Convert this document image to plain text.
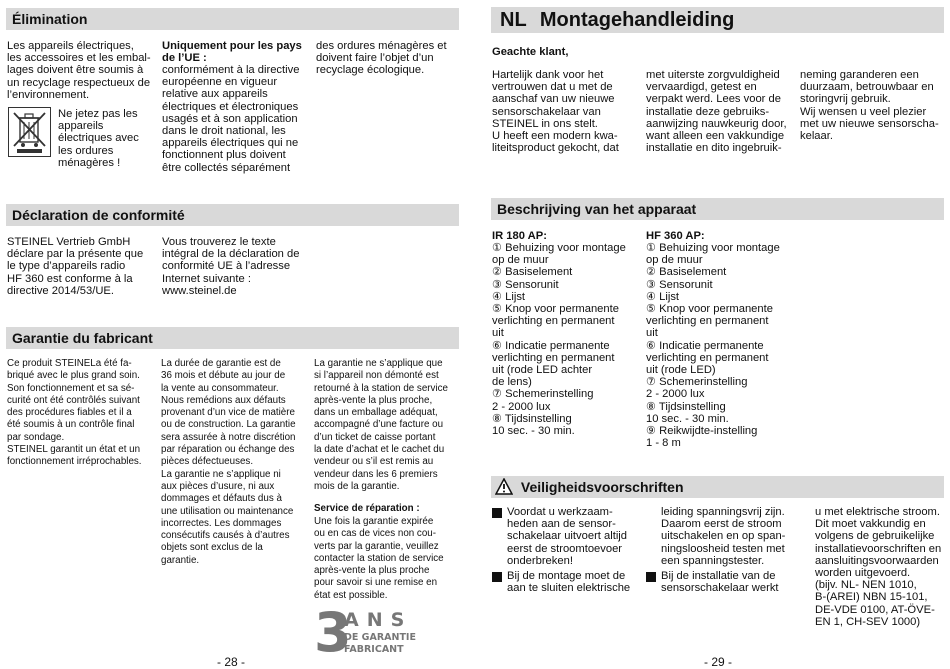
Élimination
Les appareils électriques,
les accessoires et les embal-
lages doivent être soumis à
un recyclage respectueux de
l’environnement.
Ne jetez pas les
appareils
électriques avec
les ordures
ménagères !
Uniquement pour les pays
de l’UE :
conformément à la directive
européenne en vigueur
relative aux appareils
électriques et électroniques
usagés et à son application
dans le droit national, les
appareils électriques qui ne
fonctionnent plus doivent
être collectés séparément
des ordures ménagères et
doivent faire l’objet d’un
recyclage écologique.
Déclaration de conformité
STEINEL Vertrieb GmbH
déclare par la présente que
le type d’appareils radio
HF 360 est conforme à la
directive 2014/53/UE.
Vous trouverez le texte
intégral de la déclaration de
conformité UE à l’adresse
Internet suivante :
www.steinel.de
Garantie du fabricant
Ce produit STEINELa été fa-
briqué avec le plus grand soin.
Son fonctionnement et sa sé-
curité ont été contrôlés suivant
des procédures fiables et il a
été soumis à un contrôle final
par sondage.
STEINEL garantit un état et un
fonctionnement irréprochables.
La durée de garantie est de
36 mois et débute au jour de
la vente au consommateur.
Nous remédions aux défauts
provenant d’un vice de matière
ou de construction. La garantie
sera assurée à notre discrétion
par réparation ou échange des
pièces défectueuses.
La garantie ne s’applique ni
aux pièces d’usure, ni aux
dommages et défauts dus à
une utilisation ou maintenance
incorrectes. Les dommages
consécutifs causés à d’autres
objets sont exclus de la
garantie.
La garantie ne s’applique que
si l’appareil non démonté est
retourné à la station de service
après-vente la plus proche,
dans un emballage adéquat,
accompagné d’une facture ou
d’un ticket de caisse portant
la date d’achat et le cachet du
vendeur ou s’il est remis au
vendeur dans les 6 premiers
mois de la garantie.
Service de réparation :
Une fois la garantie expirée
ou en cas de vices non cou-
verts par la garantie, veuillez
contacter la station de service
après-vente la plus proche
pour savoir si une remise en
état est possible.
3
ANS
DE GARANTIE
FABRICANT
- 28 -
NL Montagehandleiding
Geachte klant,
Hartelijk dank voor het
vertrouwen dat u met de
aanschaf van uw nieuwe
sensorschakelaar van
STEINEL in ons stelt.
U heeft een modern kwa-
liteitsproduct gekocht, dat
met uiterste zorgvuldigheid
vervaardigd, getest en
verpakt werd. Lees voor de
installatie deze gebruiks-
aanwijzing nauwkeurig door,
want alleen een vakkundige
installatie en dito ingebruik-
neming garanderen een
duurzaam, betrouwbaar en
storingvrij gebruik.
Wij wensen u veel plezier
met uw nieuwe sensorscha-
kelaar.
Beschrijving van het apparaat
IR 180 AP:
① Behuizing voor montage
op de muur
② Basiselement
③ Sensorunit
④ Lijst
⑤ Knop voor permanente
verlichting en permanent
uit
⑥ Indicatie permanente
verlichting en permanent
uit (rode LED achter
de lens)
⑦ Schemerinstelling
2 - 2000 lux
⑧ Tijdsinstelling
10 sec. - 30 min.
HF 360 AP:
① Behuizing voor montage
op de muur
② Basiselement
③ Sensorunit
④ Lijst
⑤ Knop voor permanente
verlichting en permanent
uit
⑥ Indicatie permanente
verlichting en permanent
uit (rode LED)
⑦ Schemerinstelling
2 - 2000 lux
⑧ Tijdsinstelling
10 sec. - 30 min.
⑨ Reikwijdte-instelling
1 - 8 m
Veiligheidsvoorschriften
Voordat u werkzaam-
heden aan de sensor-
schakelaar uitvoert altijd
eerst de stroomtoevoer
onderbreken!
Bij de montage moet de
aan te sluiten elektrische
leiding spanningsvrij zijn.
Daarom eerst de stroom
uitschakelen en op span-
ningsloosheid testen met
een spanningstester.
Bij de installatie van de
sensorschakelaar werkt
u met elektrische stroom.
Dit moet vakkundig en
volgens de gebruikelijke
installatievoorschriften en
aansluitingsvoorwaarden
worden uitgevoerd.
(bijv. NL- NEN 1010,
B-(AREI) NBN 15-101,
DE-VDE 0100, AT-ÖVE-
EN 1, CH-SEV 1000)
- 29 -
